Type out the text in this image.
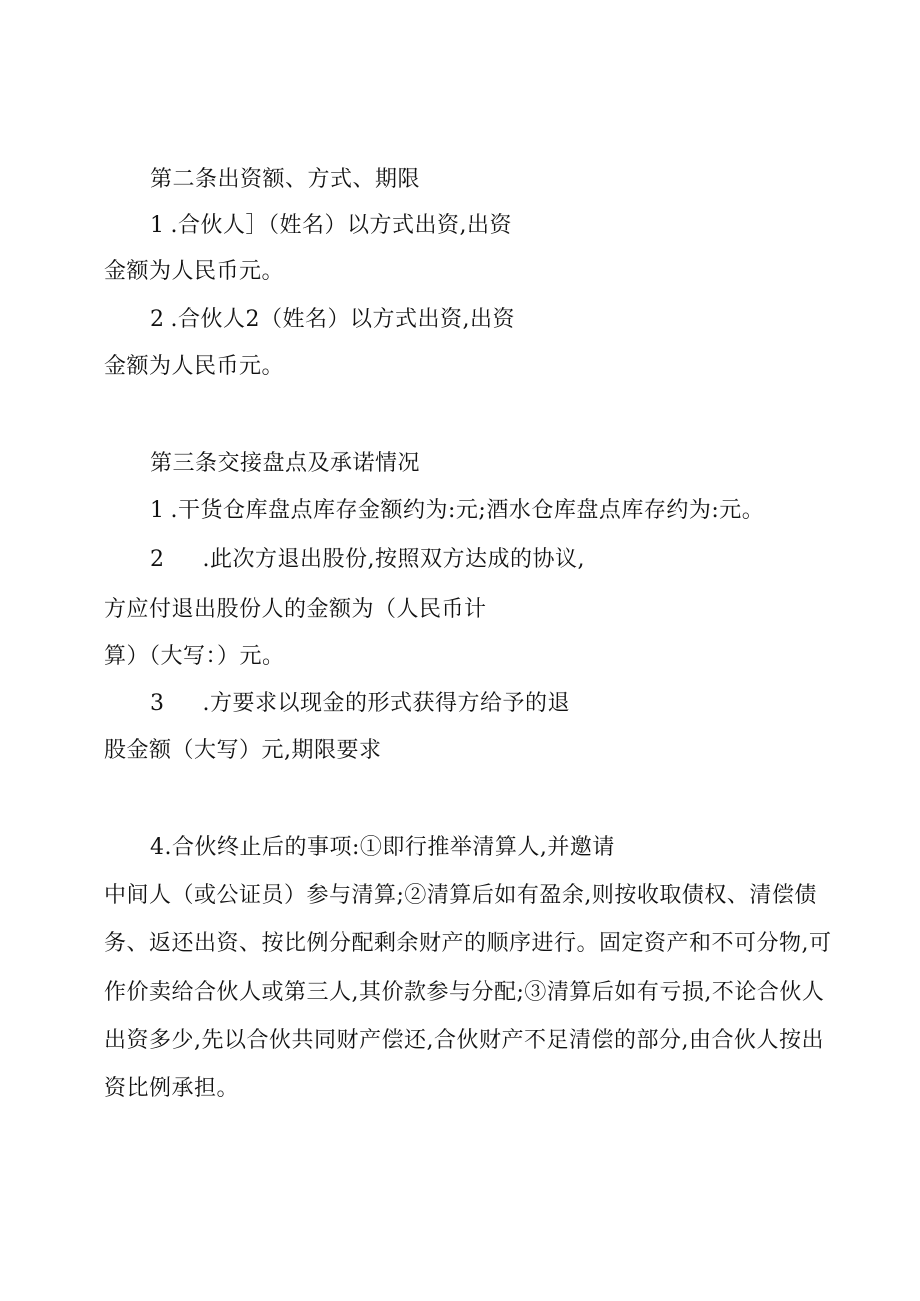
第二条出资额、方式、期限
1 .合伙人］（姓名）以方式出资,出资
金额为人民币元。
2 .合伙人2（姓名）以方式出资,出资
金额为人民币元。
第三条交接盘点及承诺情况
1 .干货仓库盘点库存金额约为:元;酒水仓库盘点库存约为:元。
2 .此次方退出股份,按照双方达成的协议,
方应付退出股份人的金额为（人民币计
算）（大写：）元。
3 .方要求以现金的形式获得方给予的退
股金额（大写）元,期限要求
4.合伙终止后的事项:①即行推举清算人,并邀请
中间人（或公证员）参与清算;②清算后如有盈余,则按收取债权、清偿债
务、返还出资、按比例分配剩余财产的顺序进行。固定资产和不可分物,可
作价卖给合伙人或第三人,其价款参与分配;③清算后如有亏损,不论合伙人
出资多少,先以合伙共同财产偿还,合伙财产不足清偿的部分,由合伙人按出
资比例承担。
